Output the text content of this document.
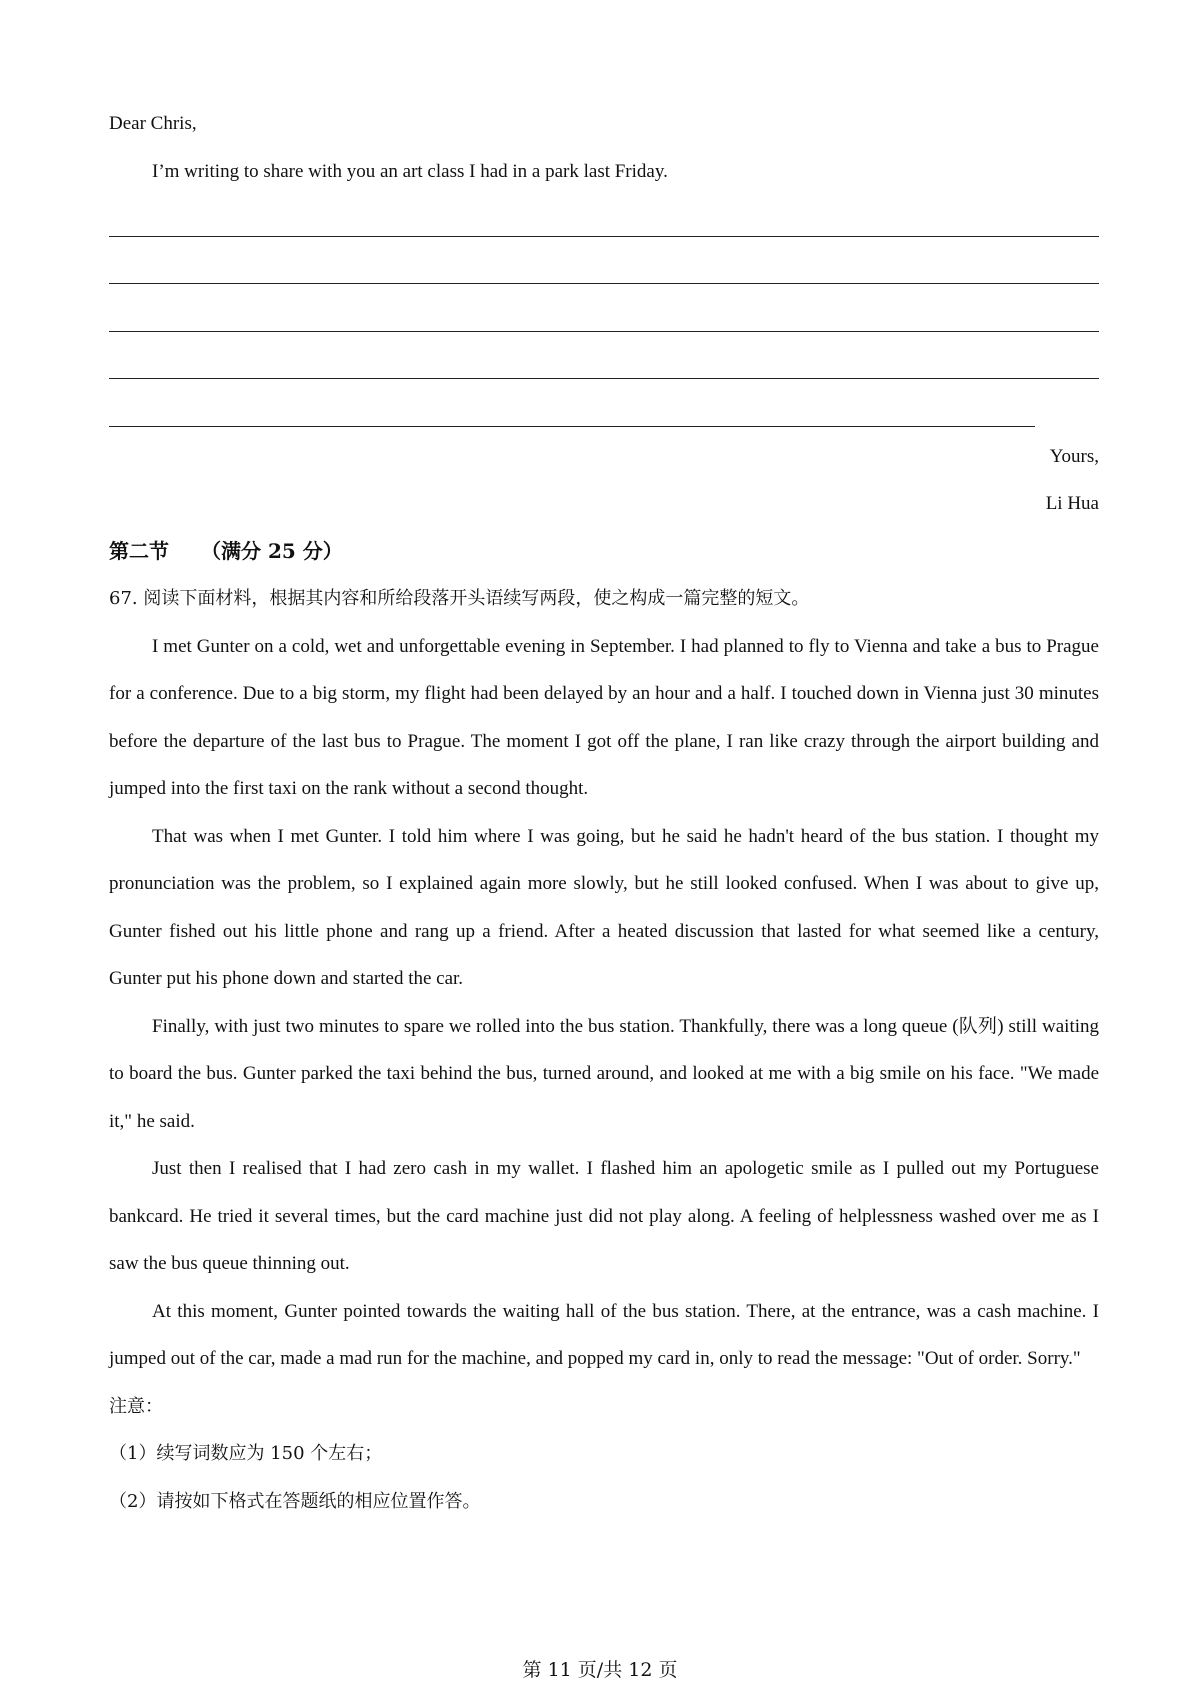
Dear Chris,

I’m writing to share with you an art class I had in a park last Friday.

Yours,

Li Hua

第二节 （满分 25 分）

67. 阅读下面材料，根据其内容和所给段落开头语续写两段，使之构成一篇完整的短文。

I met Gunter on a cold, wet and unforgettable evening in September. I had planned to fly to Vienna and take a bus to Prague for a conference. Due to a big storm, my flight had been delayed by an hour and a half. I touched down in Vienna just 30 minutes before the departure of the last bus to Prague. The moment I got off the plane, I ran like crazy through the airport building and jumped into the first taxi on the rank without a second thought.

That was when I met Gunter. I told him where I was going, but he said he hadn't heard of the bus station. I thought my pronunciation was the problem, so I explained again more slowly, but he still looked confused. When I was about to give up, Gunter fished out his little phone and rang up a friend. After a heated discussion that lasted for what seemed like a century, Gunter put his phone down and started the car.

Finally, with just two minutes to spare we rolled into the bus station. Thankfully, there was a long queue (队列) still waiting to board the bus. Gunter parked the taxi behind the bus, turned around, and looked at me with a big smile on his face. "We made it," he said.

Just then I realised that I had zero cash in my wallet. I flashed him an apologetic smile as I pulled out my Portuguese bankcard. He tried it several times, but the card machine just did not play along. A feeling of helplessness washed over me as I saw the bus queue thinning out.

At this moment, Gunter pointed towards the waiting hall of the bus station. There, at the entrance, was a cash machine. I jumped out of the car, made a mad run for the machine, and popped my card in, only to read the message: "Out of order. Sorry."

注意：

（1）续写词数应为 150 个左右；

（2）请按如下格式在答题纸的相应位置作答。

第 11 页/共 12 页
